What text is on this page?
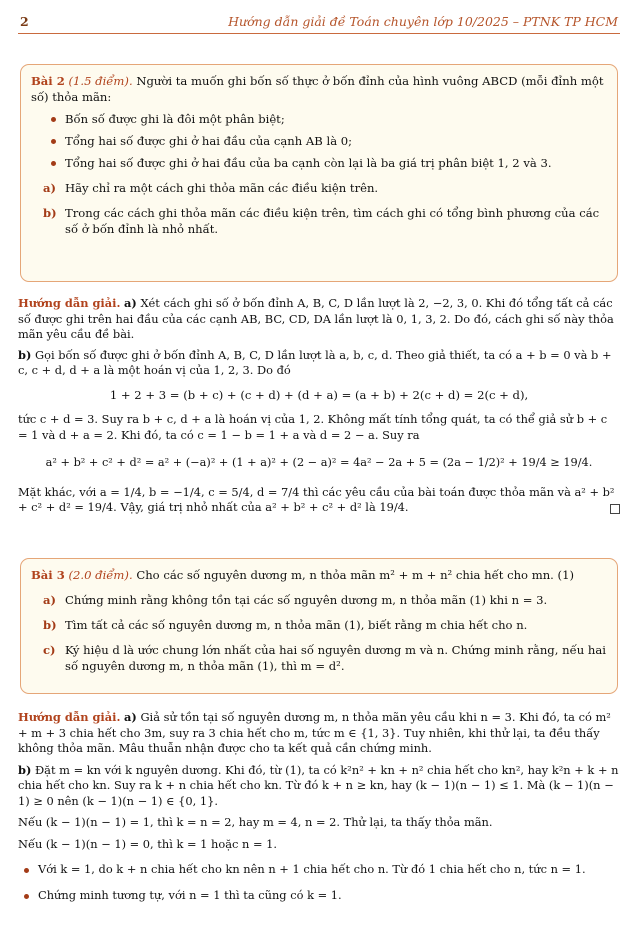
2	Hướng dẫn giải đề Toán chuyên lớp 10/2025 – PTNK TP HCM
Bài 2 (1.5 điểm). Người ta muốn ghi bốn số thực ở bốn đỉnh của hình vuông ABCD (mỗi đỉnh một số) thỏa mãn:
Bốn số được ghi là đôi một phân biệt;
Tổng hai số được ghi ở hai đầu của cạnh AB là 0;
Tổng hai số được ghi ở hai đầu của ba cạnh còn lại là ba giá trị phân biệt 1, 2 và 3.
a) Hãy chỉ ra một cách ghi thỏa mãn các điều kiện trên.
b) Trong các cách ghi thỏa mãn các điều kiện trên, tìm cách ghi có tổng bình phương của các số ở bốn đỉnh là nhỏ nhất.
Hướng dẫn giải. a) Xét cách ghi số ở bốn đỉnh A, B, C, D lần lượt là 2, −2, 3, 0. Khi đó tổng tất cả các số được ghi trên hai đầu của các cạnh AB, BC, CD, DA lần lượt là 0, 1, 3, 2. Do đó, cách ghi số này thỏa mãn yêu cầu đề bài.
b) Gọi bốn số được ghi ở bốn đỉnh A, B, C, D lần lượt là a, b, c, d. Theo giả thiết, ta có a + b = 0 và b + c, c + d, d + a là một hoán vị của 1, 2, 3. Do đó
1 + 2 + 3 = (b + c) + (c + d) + (d + a) = (a + b) + 2(c + d) = 2(c + d),
tức c + d = 3. Suy ra b + c, d + a là hoán vị của 1, 2. Không mất tính tổng quát, ta có thể giả sử b + c = 1 và d + a = 2. Khi đó, ta có c = 1 − b = 1 + a và d = 2 − a. Suy ra
a² + b² + c² + d² = a² + (−a)² + (1 + a)² + (2 − a)² = 4a² − 2a + 5 = (2a − 1/2)² + 19/4 ≥ 19/4.
Mặt khác, với a = 1/4, b = −1/4, c = 5/4, d = 7/4 thì các yêu cầu của bài toán được thỏa mãn và a² + b² + c² + d² = 19/4. Vậy, giá trị nhỏ nhất của a² + b² + c² + d² là 19/4.
Bài 3 (2.0 điểm). Cho các số nguyên dương m, n thỏa mãn m² + m + n² chia hết cho mn. (1)
a) Chứng minh rằng không tồn tại các số nguyên dương m, n thỏa mãn (1) khi n = 3.
b) Tìm tất cả các số nguyên dương m, n thỏa mãn (1), biết rằng m chia hết cho n.
c) Ký hiệu d là ước chung lớn nhất của hai số nguyên dương m và n. Chứng minh rằng, nếu hai số nguyên dương m, n thỏa mãn (1), thì m = d².
Hướng dẫn giải. a) Giả sử tồn tại số nguyên dương m, n thỏa mãn yêu cầu khi n = 3. Khi đó, ta có m² + m + 3 chia hết cho 3m, suy ra 3 chia hết cho m, tức m ∈ {1, 3}. Tuy nhiên, khi thử lại, ta đều thấy không thỏa mãn. Mâu thuẫn nhận được cho ta kết quả cần chứng minh.
b) Đặt m = kn với k nguyên dương. Khi đó, từ (1), ta có k²n² + kn + n² chia hết cho kn², hay k²n + k + n chia hết cho kn. Suy ra k + n chia hết cho kn. Từ đó k + n ≥ kn, hay (k − 1)(n − 1) ≤ 1. Mà (k − 1)(n − 1) ≥ 0 nên (k − 1)(n − 1) ∈ {0, 1}.
Nếu (k − 1)(n − 1) = 1, thì k = n = 2, hay m = 4, n = 2. Thử lại, ta thấy thỏa mãn.
Nếu (k − 1)(n − 1) = 0, thì k = 1 hoặc n = 1.
Với k = 1, do k + n chia hết cho kn nên n + 1 chia hết cho n. Từ đó 1 chia hết cho n, tức n = 1.
Chứng minh tương tự, với n = 1 thì ta cũng có k = 1.
